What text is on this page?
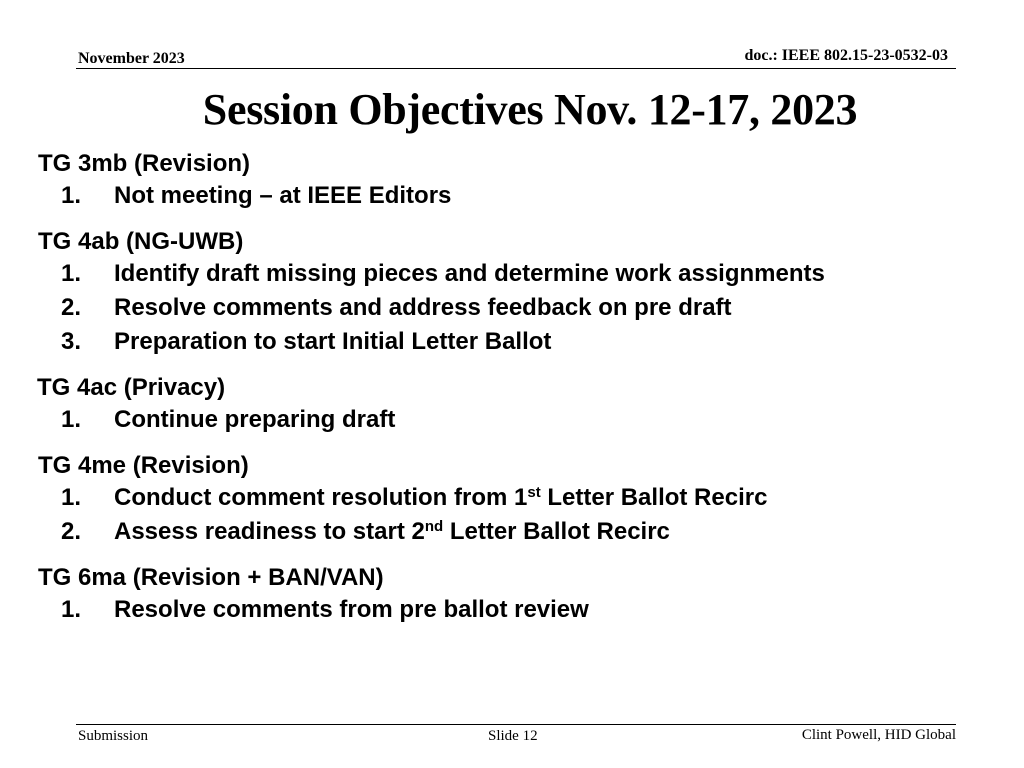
November 2023	doc.: IEEE 802.15-23-0532-03
Session Objectives Nov. 12-17, 2023
TG 3mb (Revision)
1. Not meeting – at IEEE Editors
TG 4ab (NG-UWB)
1. Identify draft missing pieces and determine work assignments
2. Resolve comments and address feedback on pre draft
3. Preparation to start Initial Letter Ballot
TG 4ac (Privacy)
1. Continue preparing draft
TG 4me (Revision)
1. Conduct comment resolution from 1st Letter Ballot Recirc
2. Assess readiness to start 2nd Letter Ballot Recirc
TG 6ma (Revision + BAN/VAN)
1. Resolve comments from pre ballot review
Submission	Slide 12	Clint Powell, HID Global
